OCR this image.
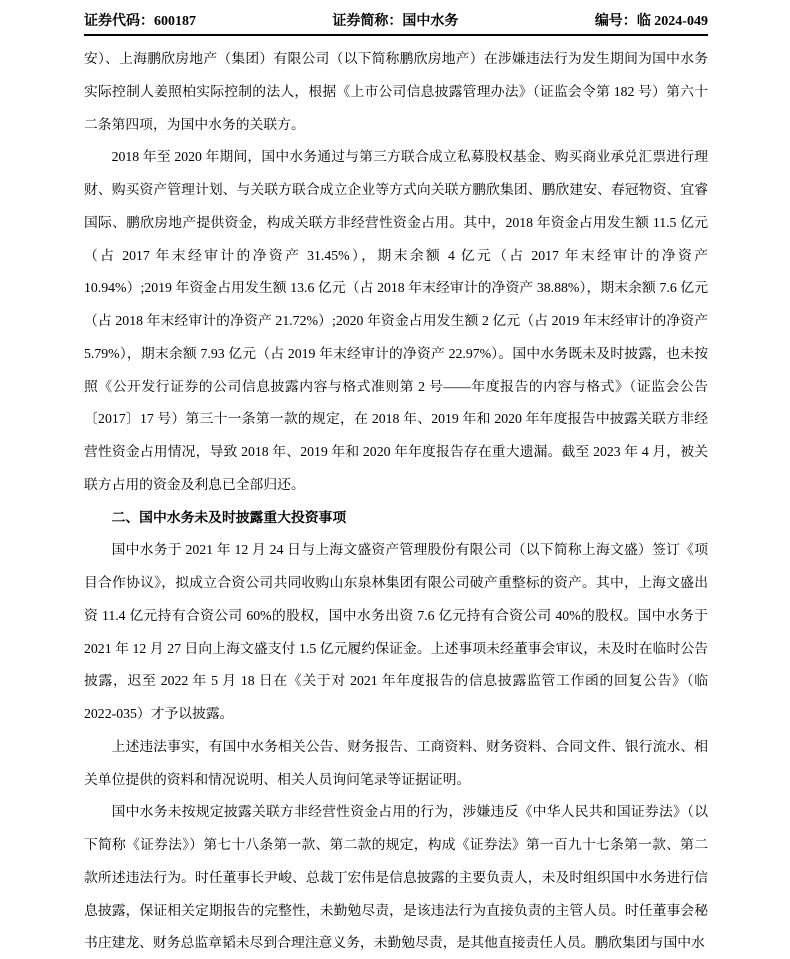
证券代码：600187	证券简称：国中水务	编号：临 2024-049

安）、上海鹏欣房地产（集团）有限公司（以下简称鹏欣房地产）在涉嫌违法行为发生期间为国中水务实际控制人姜照柏实际控制的法人，根据《上市公司信息披露管理办法》（证监会令第 182 号）第六十二条第四项，为国中水务的关联方。

2018 年至 2020 年期间，国中水务通过与第三方联合成立私募股权基金、购买商业承兑汇票进行理财、购买资产管理计划、与关联方联合成立企业等方式向关联方鹏欣集团、鹏欣建安、春冠物资、宜睿国际、鹏欣房地产提供资金，构成关联方非经营性资金占用。其中，2018 年资金占用发生额 11.5 亿元（占 2017 年末经审计的净资产 31.45%），期末余额 4 亿元（占 2017 年末经审计的净资产 10.94%）;2019 年资金占用发生额 13.6 亿元（占 2018 年末经审计的净资产 38.88%），期末余额 7.6 亿元（占 2018 年末经审计的净资产 21.72%）;2020 年资金占用发生额 2 亿元（占 2019 年末经审计的净资产 5.79%），期末余额 7.93 亿元（占 2019 年末经审计的净资产 22.97%）。国中水务既未及时披露，也未按照《公开发行证券的公司信息披露内容与格式准则第 2 号——年度报告的内容与格式》（证监会公告〔2017〕17 号）第三十一条第一款的规定，在 2018 年、2019 年和 2020 年年度报告中披露关联方非经营性资金占用情况，导致 2018 年、2019 年和 2020 年年度报告存在重大遗漏。截至 2023 年 4 月，被关联方占用的资金及利息已全部归还。

二、国中水务未及时披露重大投资事项

国中水务于 2021 年 12 月 24 日与上海文盛资产管理股份有限公司（以下简称上海文盛）签订《项目合作协议》，拟成立合资公司共同收购山东泉林集团有限公司破产重整标的资产。其中，上海文盛出资 11.4 亿元持有合资公司 60%的股权，国中水务出资 7.6 亿元持有合资公司 40%的股权。国中水务于 2021 年 12 月 27 日向上海文盛支付 1.5 亿元履约保证金。上述事项未经董事会审议，未及时在临时公告披露，迟至 2022 年 5 月 18 日在《关于对 2021 年年度报告的信息披露监管工作函的回复公告》（临 2022-035）才予以披露。

上述违法事实，有国中水务相关公告、财务报告、工商资料、财务资料、合同文件、银行流水、相关单位提供的资料和情况说明、相关人员询问笔录等证据证明。

国中水务未按规定披露关联方非经营性资金占用的行为，涉嫌违反《中华人民共和国证券法》（以下简称《证券法》）第七十八条第一款、第二款的规定，构成《证券法》第一百九十七条第一款、第二款所述违法行为。时任董事长尹峻、总裁丁宏伟是信息披露的主要负责人，未及时组织国中水务进行信息披露，保证相关定期报告的完整性，未勤勉尽责，是该违法行为直接负责的主管人员。时任董事会秘书庄建龙、财务总监章韬未尽到合理注意义务，未勤勉尽责，是其他直接责任人员。鹏欣集团与国中水
